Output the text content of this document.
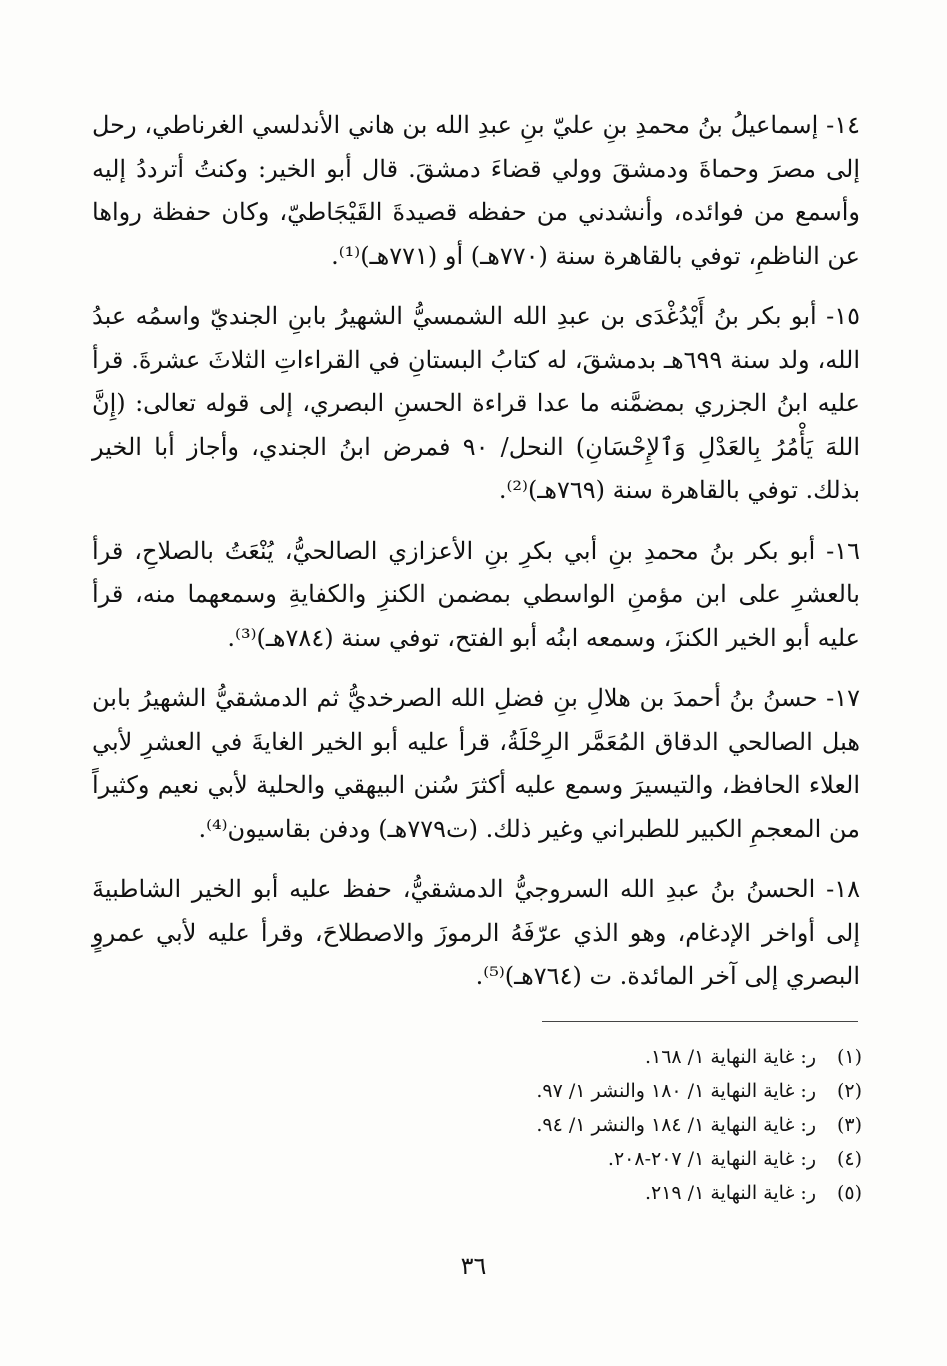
١٤- إسماعيلُ بنُ محمدِ بنِ عليّ بنِ عبدِ الله بن هاني الأندلسي الغرناطي، رحل إلى مصرَ وحماةَ ودمشقَ وولي قضاءَ دمشقَ. قال أبو الخير: وكنتُ أترددُ إليه وأسمع من فوائده، وأنشدني من حفظه قصيدةَ القَيْجَاطيّ، وكان حفظة رواها عن الناظمِ، توفي بالقاهرة سنة (٧٧٠هـ) أو (٧٧١هـ)⁽¹⁾.

١٥- أبو بكر بنُ أَيْدُغْدَى بن عبدِ الله الشمسيُّ الشهيرُ بابنِ الجنديّ واسمُه عبدُ الله، ولد سنة ٦٩٩هـ بدمشقَ، له كتابُ البستانِ في القراءاتِ الثلاثَ عشرةَ. قرأ عليه ابنُ الجزري بمضمَّنه ما عدا قراءة الحسنِ البصري، إلى قوله تعالى: (إِنَّ اللهَ يَأْمُرُ بِالعَدْلِ وَٱلإِحْسَانِ) النحل/ ٩٠ فمرض ابنُ الجندي، وأجاز أبا الخير بذلك. توفي بالقاهرة سنة (٧٦٩هـ)⁽²⁾.

١٦- أبو بكر بنُ محمدِ بنِ أبي بكرِ بنِ الأعزازي الصالحيُّ، يُنْعَتُ بالصلاحِ، قرأ بالعشرِ على ابن مؤمنِ الواسطي بمضمن الكنزِ والكفايةِ وسمعهما منه، قرأ عليه أبو الخير الكنزَ، وسمعه ابنُه أبو الفتح، توفي سنة (٧٨٤هـ)⁽³⁾.

١٧- حسنُ بنُ أحمدَ بن هلالِ بنِ فضلِ الله الصرخديُّ ثم الدمشقيُّ الشهيرُ بابن هبل الصالحي الدقاق المُعَمَّر الرِحْلَةُ، قرأ عليه أبو الخير الغايةَ في العشرِ لأبي العلاء الحافظ، والتيسيرَ وسمع عليه أكثرَ سُنن البيهقي والحلية لأبي نعيم وكثيراً من المعجمِ الكبير للطبراني وغير ذلك. (ت٧٧٩هـ) ودفن بقاسيون⁽⁴⁾.

١٨- الحسنُ بنُ عبدِ الله السروجيُّ الدمشقيُّ، حفظ عليه أبو الخير الشاطبيةَ إلى أواخر الإدغام، وهو الذي عرّفَهُ الرموزَ والاصطلاحَ، وقرأ عليه لأبي عمروٍ البصري إلى آخر المائدة. ت (٧٦٤هـ)⁽⁵⁾.

(١)ر: غاية النهاية ١/ ١٦٨.
(٢)ر: غاية النهاية ١/ ١٨٠ والنشر ١/ ٩٧.
(٣)ر: غاية النهاية ١/ ١٨٤ والنشر ١/ ٩٤.
(٤)ر: غاية النهاية ١/ ٢٠٧-٢٠٨.
(٥)ر: غاية النهاية ١/ ٢١٩.
٣٦
